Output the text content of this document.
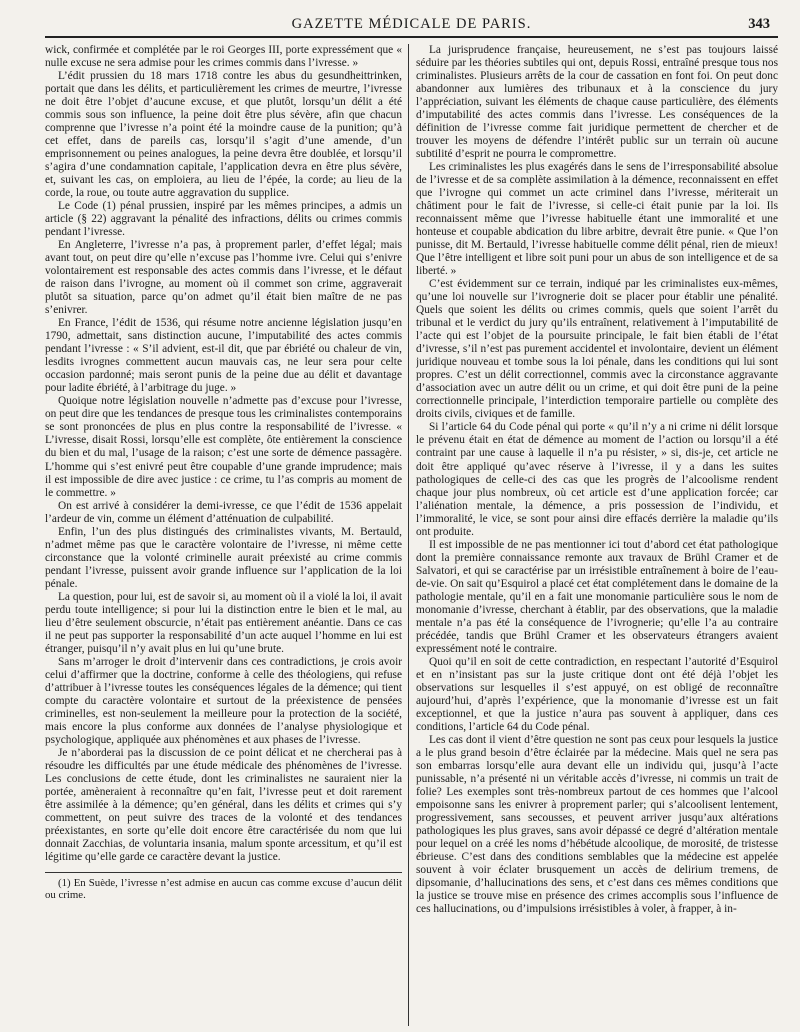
GAZETTE MÉDICALE DE PARIS.	343

wick, confirmée et complétée par le roi Georges III, porte expressément que « nulle excuse ne sera admise pour les crimes commis dans l’ivresse. »

L’édit prussien du 18 mars 1718 contre les abus du gesundheittrinken, portait que dans les délits, et particulièrement les crimes de meurtre, l’ivresse ne doit être l’objet d’aucune excuse, et que plutôt, lorsqu’un délit a été commis sous son influence, la peine doit être plus sévère, afin que chacun comprenne que l’ivresse n’a point été la moindre cause de la punition; qu’à cet effet, dans de pareils cas, lorsqu’il s’agit d’une amende, d’un emprisonnement ou peines analogues, la peine devra être doublée, et lorsqu’il s’agira d’une condamnation capitale, l’application devra en être plus sévère, et, suivant les cas, on emploiera, au lieu de l’épée, la corde; au lieu de la corde, la roue, ou toute autre aggravation du supplice.

Le Code (1) pénal prussien, inspiré par les mêmes principes, a admis un article (§ 22) aggravant la pénalité des infractions, délits ou crimes commis pendant l’ivresse.

En Angleterre, l’ivresse n’a pas, à proprement parler, d’effet légal; mais avant tout, on peut dire qu’elle n’excuse pas l’homme ivre. Celui qui s’enivre volontairement est responsable des actes commis dans l’ivresse, et le défaut de raison dans l’ivrogne, au moment où il commet son crime, aggraverait plutôt sa situation, parce qu’on admet qu’il était bien maître de ne pas s’enivrer.

En France, l’édit de 1536, qui résume notre ancienne législation jusqu’en 1790, admettait, sans distinction aucune, l’imputabilité des actes commis pendant l’ivresse : « S’il advient, est-il dit, que par ébriété ou chaleur de vin, lesdits ivrognes commettent aucun mauvais cas, ne leur sera pour celte occasion pardonné; mais seront punis de la peine due au délit et davantage pour ladite ébriété, à l’arbitrage du juge. »

Quoique notre législation nouvelle n’admette pas d’excuse pour l’ivresse, on peut dire que les tendances de presque tous les criminalistes contemporains se sont prononcées de plus en plus contre la responsabilité de l’ivresse. « L’ivresse, disait Rossi, lorsqu’elle est complète, ôte entièrement la conscience du bien et du mal, l’usage de la raison; c’est une sorte de démence passagère. L’homme qui s’est enivré peut être coupable d’une grande imprudence; mais il est impossible de dire avec justice : ce crime, tu l’as compris au moment de le commettre. »

On est arrivé à considérer la demi-ivresse, ce que l’édit de 1536 appelait l’ardeur de vin, comme un élément d’atténuation de culpabilité.

Enfin, l’un des plus distingués des criminalistes vivants, M. Bertauld, n’admet même pas que le caractère volontaire de l’ivresse, ni même cette circonstance que la volonté criminelle aurait préexisté au crime commis pendant l’ivresse, puissent avoir grande influence sur l’application de la loi pénale.

La question, pour lui, est de savoir si, au moment où il a violé la loi, il avait perdu toute intelligence; si pour lui la distinction entre le bien et le mal, au lieu d’être seulement obscurcie, n’était pas entièrement anéantie. Dans ce cas il ne peut pas supporter la responsabilité d’un acte auquel l’homme en lui est étranger, puisqu’il n’y avait plus en lui qu’une brute.

Sans m’arroger le droit d’intervenir dans ces contradictions, je crois avoir celui d’affirmer que la doctrine, conforme à celle des théologiens, qui refuse d’attribuer à l’ivresse toutes les conséquences légales de la démence; qui tient compte du caractère volontaire et surtout de la préexistence de pensées criminelles, est non-seulement la meilleure pour la protection de la société, mais encore la plus conforme aux données de l’analyse physiologique et psychologique, appliquée aux phénomènes et aux phases de l’ivresse.

Je n’aborderai pas la discussion de ce point délicat et ne chercherai pas à résoudre les difficultés par une étude médicale des phénomènes de l’ivresse. Les conclusions de cette étude, dont les criminalistes ne sauraient nier la portée, amèneraient à reconnaître qu’en fait, l’ivresse peut et doit rarement être assimilée à la démence; qu’en général, dans les délits et crimes qui s’y commettent, on peut suivre des traces de la volonté et des tendances préexistantes, en sorte qu’elle doit encore être caractérisée du nom que lui donnait Zacchias, de voluntaria insania, malum sponte arcessitum, et qu’il est légitime qu’elle garde ce caractère devant la justice.

(1) En Suède, l’ivresse n’est admise en aucun cas comme excuse d’aucun délit ou crime.

La jurisprudence française, heureusement, ne s’est pas toujours laissé séduire par les théories subtiles qui ont, depuis Rossi, entraîné presque tous nos criminalistes. Plusieurs arrêts de la cour de cassation en font foi. On peut donc abandonner aux lumières des tribunaux et à la conscience du jury l’appréciation, suivant les éléments de chaque cause particulière, des éléments d’imputabilité des actes commis dans l’ivresse. Les conséquences de la définition de l’ivresse comme fait juridique permettent de chercher et de trouver les moyens de défendre l’intérêt public sur un terrain où aucune subtilité d’esprit ne pourra le compromettre.

Les criminalistes les plus exagérés dans le sens de l’irresponsabilité absolue de l’ivresse et de sa complète assimilation à la démence, reconnaissent en effet que l’ivrogne qui commet un acte criminel dans l’ivresse, mériterait un châtiment pour le fait de l’ivresse, si celle-ci était punie par la loi. Ils reconnaissent même que l’ivresse habituelle étant une immoralité et une honteuse et coupable abdication du libre arbitre, devrait être punie. « Que l’on punisse, dit M. Bertauld, l’ivresse habituelle comme délit pénal, rien de mieux! Que l’être intelligent et libre soit puni pour un abus de son intelligence et de sa liberté. »

C’est évidemment sur ce terrain, indiqué par les criminalistes eux-mêmes, qu’une loi nouvelle sur l’ivrognerie doit se placer pour établir une pénalité. Quels que soient les délits ou crimes commis, quels que soient l’arrêt du tribunal et le verdict du jury qu’ils entraînent, relativement à l’imputabilité de l’acte qui est l’objet de la poursuite principale, le fait bien établi de l’état d’ivresse, s’il n’est pas purement accidentel et involontaire, devient un élément juridique nouveau et tombe sous la loi pénale, dans les conditions qui lui sont propres. C’est un délit correctionnel, commis avec la circonstance aggravante d’association avec un autre délit ou un crime, et qui doit être puni de la peine correctionnelle principale, l’interdiction temporaire partielle ou complète des droits civils, civiques et de famille.

Si l’article 64 du Code pénal qui porte « qu’il n’y a ni crime ni délit lorsque le prévenu était en état de démence au moment de l’action ou lorsqu’il a été contraint par une cause à laquelle il n’a pu résister, » si, dis-je, cet article ne doit être appliqué qu’avec réserve à l’ivresse, il y a dans les suites pathologiques de celle-ci des cas que les progrès de l’alcoolisme rendent chaque jour plus nombreux, où cet article est d’une application forcée; car l’aliénation mentale, la démence, a pris possession de l’individu, et l’immoralité, le vice, se sont pour ainsi dire effacés derrière la maladie qu’ils ont produite.

Il est impossible de ne pas mentionner ici tout d’abord cet état pathologique dont la première connaissance remonte aux travaux de Brühl Cramer et de Salvatori, et qui se caractérise par un irrésistible entraînement à boire de l’eau-de-vie. On sait qu’Esquirol a placé cet état complétement dans le domaine de la pathologie mentale, qu’il en a fait une monomanie particulière sous le nom de monomanie d’ivresse, cherchant à établir, par des observations, que la maladie mentale n’a pas été la conséquence de l’ivrognerie; qu’elle l’a au contraire précédée, tandis que Brühl Cramer et les observateurs étrangers avaient expressément noté le contraire.

Quoi qu’il en soit de cette contradiction, en respectant l’autorité d’Esquirol et en n’insistant pas sur la juste critique dont ont été déjà l’objet les observations sur lesquelles il s’est appuyé, on est obligé de reconnaître aujourd’hui, d’après l’expérience, que la monomanie d’ivresse est un fait exceptionnel, et que la justice n’aura pas souvent à appliquer, dans ces conditions, l’article 64 du Code pénal.

Les cas dont il vient d’être question ne sont pas ceux pour lesquels la justice a le plus grand besoin d’être éclairée par la médecine. Mais quel ne sera pas son embarras lorsqu’elle aura devant elle un individu qui, jusqu’à l’acte punissable, n’a présenté ni un véritable accès d’ivresse, ni commis un trait de folie? Les exemples sont très-nombreux partout de ces hommes que l’alcool empoisonne sans les enivrer à proprement parler; qui s’alcoolisent lentement, progressivement, sans secousses, et peuvent arriver jusqu’aux altérations pathologiques les plus graves, sans avoir dépassé ce degré d’altération mentale pour lequel on a créé les noms d’hébétude alcoolique, de morosité, de tristesse ébrieuse. C’est dans des conditions semblables que la médecine est appelée souvent à voir éclater brusquement un accès de delirium tremens, de dipsomanie, d’hallucinations des sens, et c’est dans ces mêmes conditions que la justice se trouve mise en présence des crimes accomplis sous l’influence de ces hallucinations, ou d’impulsions irrésistibles à voler, à frapper, à in-
